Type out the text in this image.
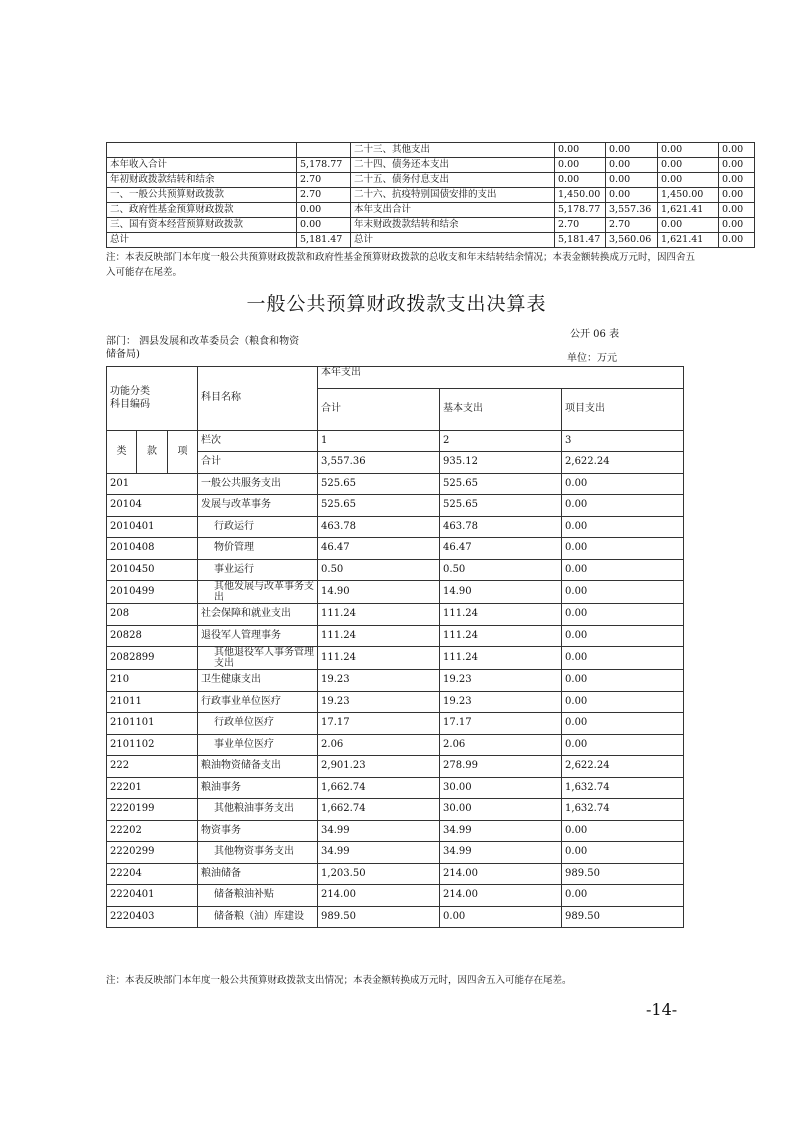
		二十三、其他支出	0.00	0.00	0.00	0.00
本年收入合计	5,178.77	二十四、债务还本支出	0.00	0.00	0.00	0.00
年初财政拨款结转和结余	2.70	二十五、债务付息支出	0.00	0.00	0.00	0.00
一、一般公共预算财政拨款	2.70	二十六、抗疫特别国债安排的支出	1,450.00	0.00	1,450.00	0.00
二、政府性基金预算财政拨款	0.00	本年支出合计	5,178.77	3,557.36	1,621.41	0.00
三、国有资本经营预算财政拨款	0.00	年末财政拨款结转和结余	2.70	2.70	0.00	0.00
总计	5,181.47	总计	5,181.47	3,560.06	1,621.41	0.00
注：本表反映部门本年度一般公共预算财政拨款和政府性基金预算财政拨款的总收支和年末结转结余情况；本表金额转换成万元时，因四舍五
入可能存在尾差。
一般公共预算财政拨款支出决算表
公开 06 表
部门： 泗县发展和改革委员会（粮食和物资
储备局)	单位：万元
功能分类
科目编码			科目名称	本年支出		
				合计	基本支出	项目支出

类	款	项	栏次	1	2	3
			合计	3,557.36	935.12	2,622.24
201			一般公共服务支出	525.65	525.65	0.00
20104			发展与改革事务	525.65	525.65	0.00
2010401			行政运行	463.78	463.78	0.00
2010408			物价管理	46.47	46.47	0.00
2010450			事业运行	0.50	0.50	0.00
2010499			其他发展与改革事务支出	14.90	14.90	0.00
208			社会保障和就业支出	111.24	111.24	0.00
20828			退役军人管理事务	111.24	111.24	0.00
2082899			其他退役军人事务管理支出	111.24	111.24	0.00
210			卫生健康支出	19.23	19.23	0.00
21011			行政事业单位医疗	19.23	19.23	0.00
2101101			行政单位医疗	17.17	17.17	0.00
2101102			事业单位医疗	2.06	2.06	0.00
222			粮油物资储备支出	2,901.23	278.99	2,622.24
22201			粮油事务	1,662.74	30.00	1,632.74
2220199			其他粮油事务支出	1,662.74	30.00	1,632.74
22202			物资事务	34.99	34.99	0.00
2220299			其他物资事务支出	34.99	34.99	0.00
22204			粮油储备	1,203.50	214.00	989.50
2220401			储备粮油补贴	214.00	214.00	0.00
2220403			储备粮（油）库建设	989.50	0.00	989.50
注：本表反映部门本年度一般公共预算财政拨款支出情况；本表金额转换成万元时，因四舍五入可能存在尾差。
-14-
